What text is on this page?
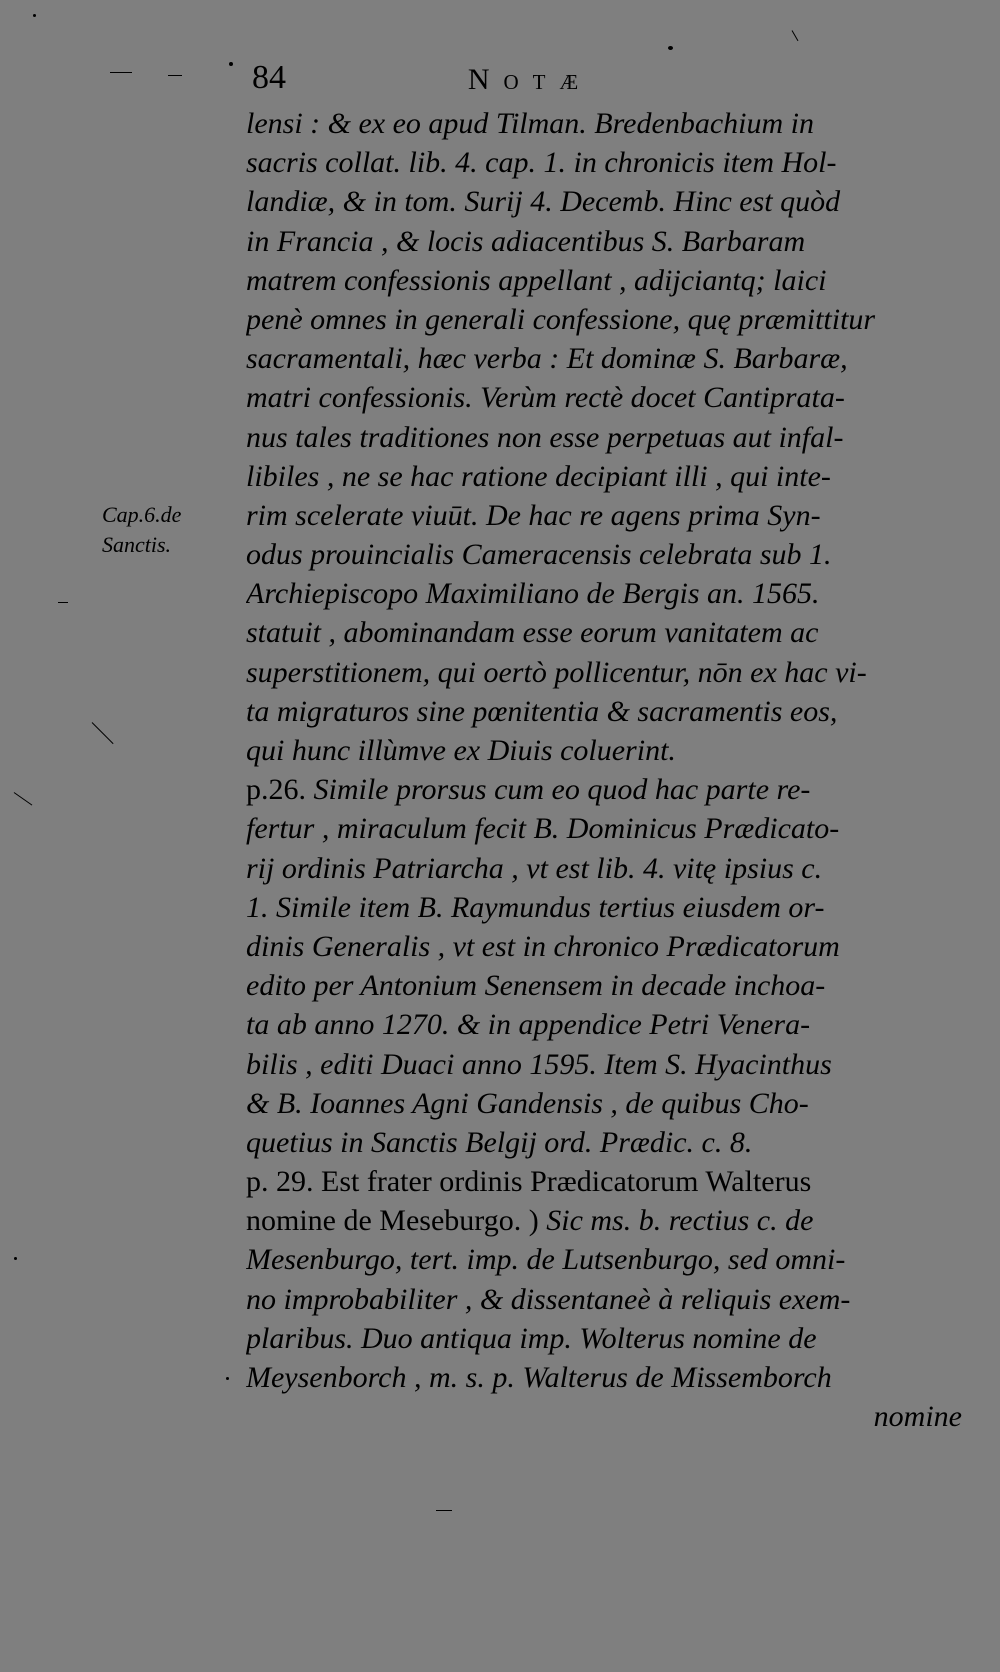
84	Notæ
Cap.6.de
Sanctis.
lensi : & ex eo apud Tilman. Bredenbachium in
sacris collat. lib. 4. cap. 1. in chronicis item Hol-
landiæ, & in tom. Surij 4. Decemb. Hinc est quòd
in Francia , & locis adiacentibus S. Barbaram
matrem confessionis appellant , adijciantq; laici
penè omnes in generali confessione, quę præmittitur
sacramentali, hæc verba : Et dominæ S. Barbaræ,
matri confessionis. Verùm rectè docet Cantiprata-
nus tales traditiones non esse perpetuas aut infal-
libiles , ne se hac ratione decipiant illi , qui inte-
rim scelerate viuūt. De hac re agens prima Syn-
odus prouincialis Cameracensis celebrata sub 1.
Archiepiscopo Maximiliano de Bergis an. 1565.
statuit , abominandam esse eorum vanitatem ac
superstitionem, qui oertò pollicentur, nōn ex hac vi-
ta migraturos sine pœnitentia & sacramentis eos,
qui hunc illùmve ex Diuis coluerint.
p.26. Simile prorsus cum eo quod hac parte re-
fertur , miraculum fecit B. Dominicus Prædicato-
rij ordinis Patriarcha , vt est lib. 4. vitę ipsius c.
1. Simile item B. Raymundus tertius eiusdem or-
dinis Generalis , vt est in chronico Prædicatorum
edito per Antonium Senensem in decade inchoa-
ta ab anno 1270. & in appendice Petri Venera-
bilis , editi Duaci anno 1595. Item S. Hyacinthus
& B. Ioannes Agni Gandensis , de quibus Cho-
quetius in Sanctis Belgij ord. Prædic. c. 8.
p. 29. Est frater ordinis Prædicatorum Walterus
nomine de Meseburgo. ) Sic ms. b. rectius c. de
Mesenburgo, tert. imp. de Lutsenburgo, sed omni-
no improbabiliter , & dissentaneè à reliquis exem-
plaribus. Duo antiqua imp. Wolterus nomine de
Meysenborch , m. s. p. Walterus de Missemborch
nomine
